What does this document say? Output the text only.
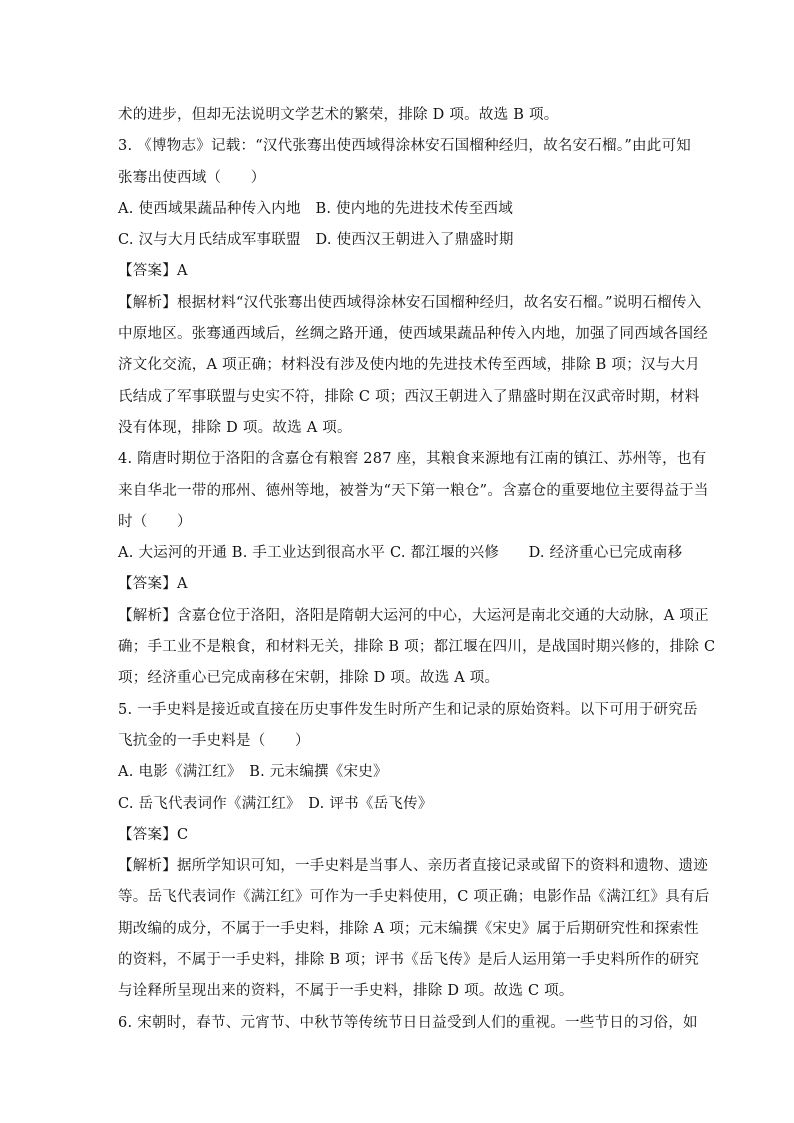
术的进步，但却无法说明文学艺术的繁荣，排除 D 项。故选 B 项。
3. 《博物志》记载：“汉代张骞出使西域得涂林安石国榴种经归，故名安石榴。”由此可知
张骞出使西域（　　）
A. 使西域果蔬品种传入内地　B. 使内地的先进技术传至西域
C. 汉与大月氏结成军事联盟　D. 使西汉王朝进入了鼎盛时期
【答案】A
【解析】根据材料“汉代张骞出使西域得涂林安石国榴种经归，故名安石榴。”说明石榴传入
中原地区。张骞通西域后，丝绸之路开通，使西域果蔬品种传入内地，加强了同西域各国经
济文化交流，A 项正确；材料没有涉及使内地的先进技术传至西域，排除 B 项；汉与大月
氏结成了军事联盟与史实不符，排除 C 项；西汉王朝进入了鼎盛时期在汉武帝时期，材料
没有体现，排除 D 项。故选 A 项。
4. 隋唐时期位于洛阳的含嘉仓有粮窖 287 座，其粮食来源地有江南的镇江、苏州等，也有
来自华北一带的邢州、德州等地，被誉为“天下第一粮仓”。含嘉仓的重要地位主要得益于当
时（　　）
A. 大运河的开通 B. 手工业达到很高水平 C. 都江堰的兴修　　D. 经济重心已完成南移
【答案】A
【解析】含嘉仓位于洛阳，洛阳是隋朝大运河的中心，大运河是南北交通的大动脉，A 项正
确；手工业不是粮食，和材料无关，排除 B 项；都江堰在四川，是战国时期兴修的，排除 C
项；经济重心已完成南移在宋朝，排除 D 项。故选 A 项。
5. 一手史料是接近或直接在历史事件发生时所产生和记录的原始资料。以下可用于研究岳
飞抗金的一手史料是（　　）
A. 电影《满江红》　B. 元末编撰《宋史》
C. 岳飞代表词作《满江红》　D. 评书《岳飞传》
【答案】C
【解析】据所学知识可知，一手史料是当事人、亲历者直接记录或留下的资料和遗物、遗迹
等。岳飞代表词作《满江红》可作为一手史料使用，C 项正确；电影作品《满江红》具有后
期改编的成分，不属于一手史料，排除 A 项；元末编撰《宋史》属于后期研究性和探索性
的资料，不属于一手史料，排除 B 项；评书《岳飞传》是后人运用第一手史料所作的研究
与诠释所呈现出来的资料，不属于一手史料，排除 D 项。故选 C 项。
6. 宋朝时，春节、元宵节、中秋节等传统节日日益受到人们的重视。一些节日的习俗，如
